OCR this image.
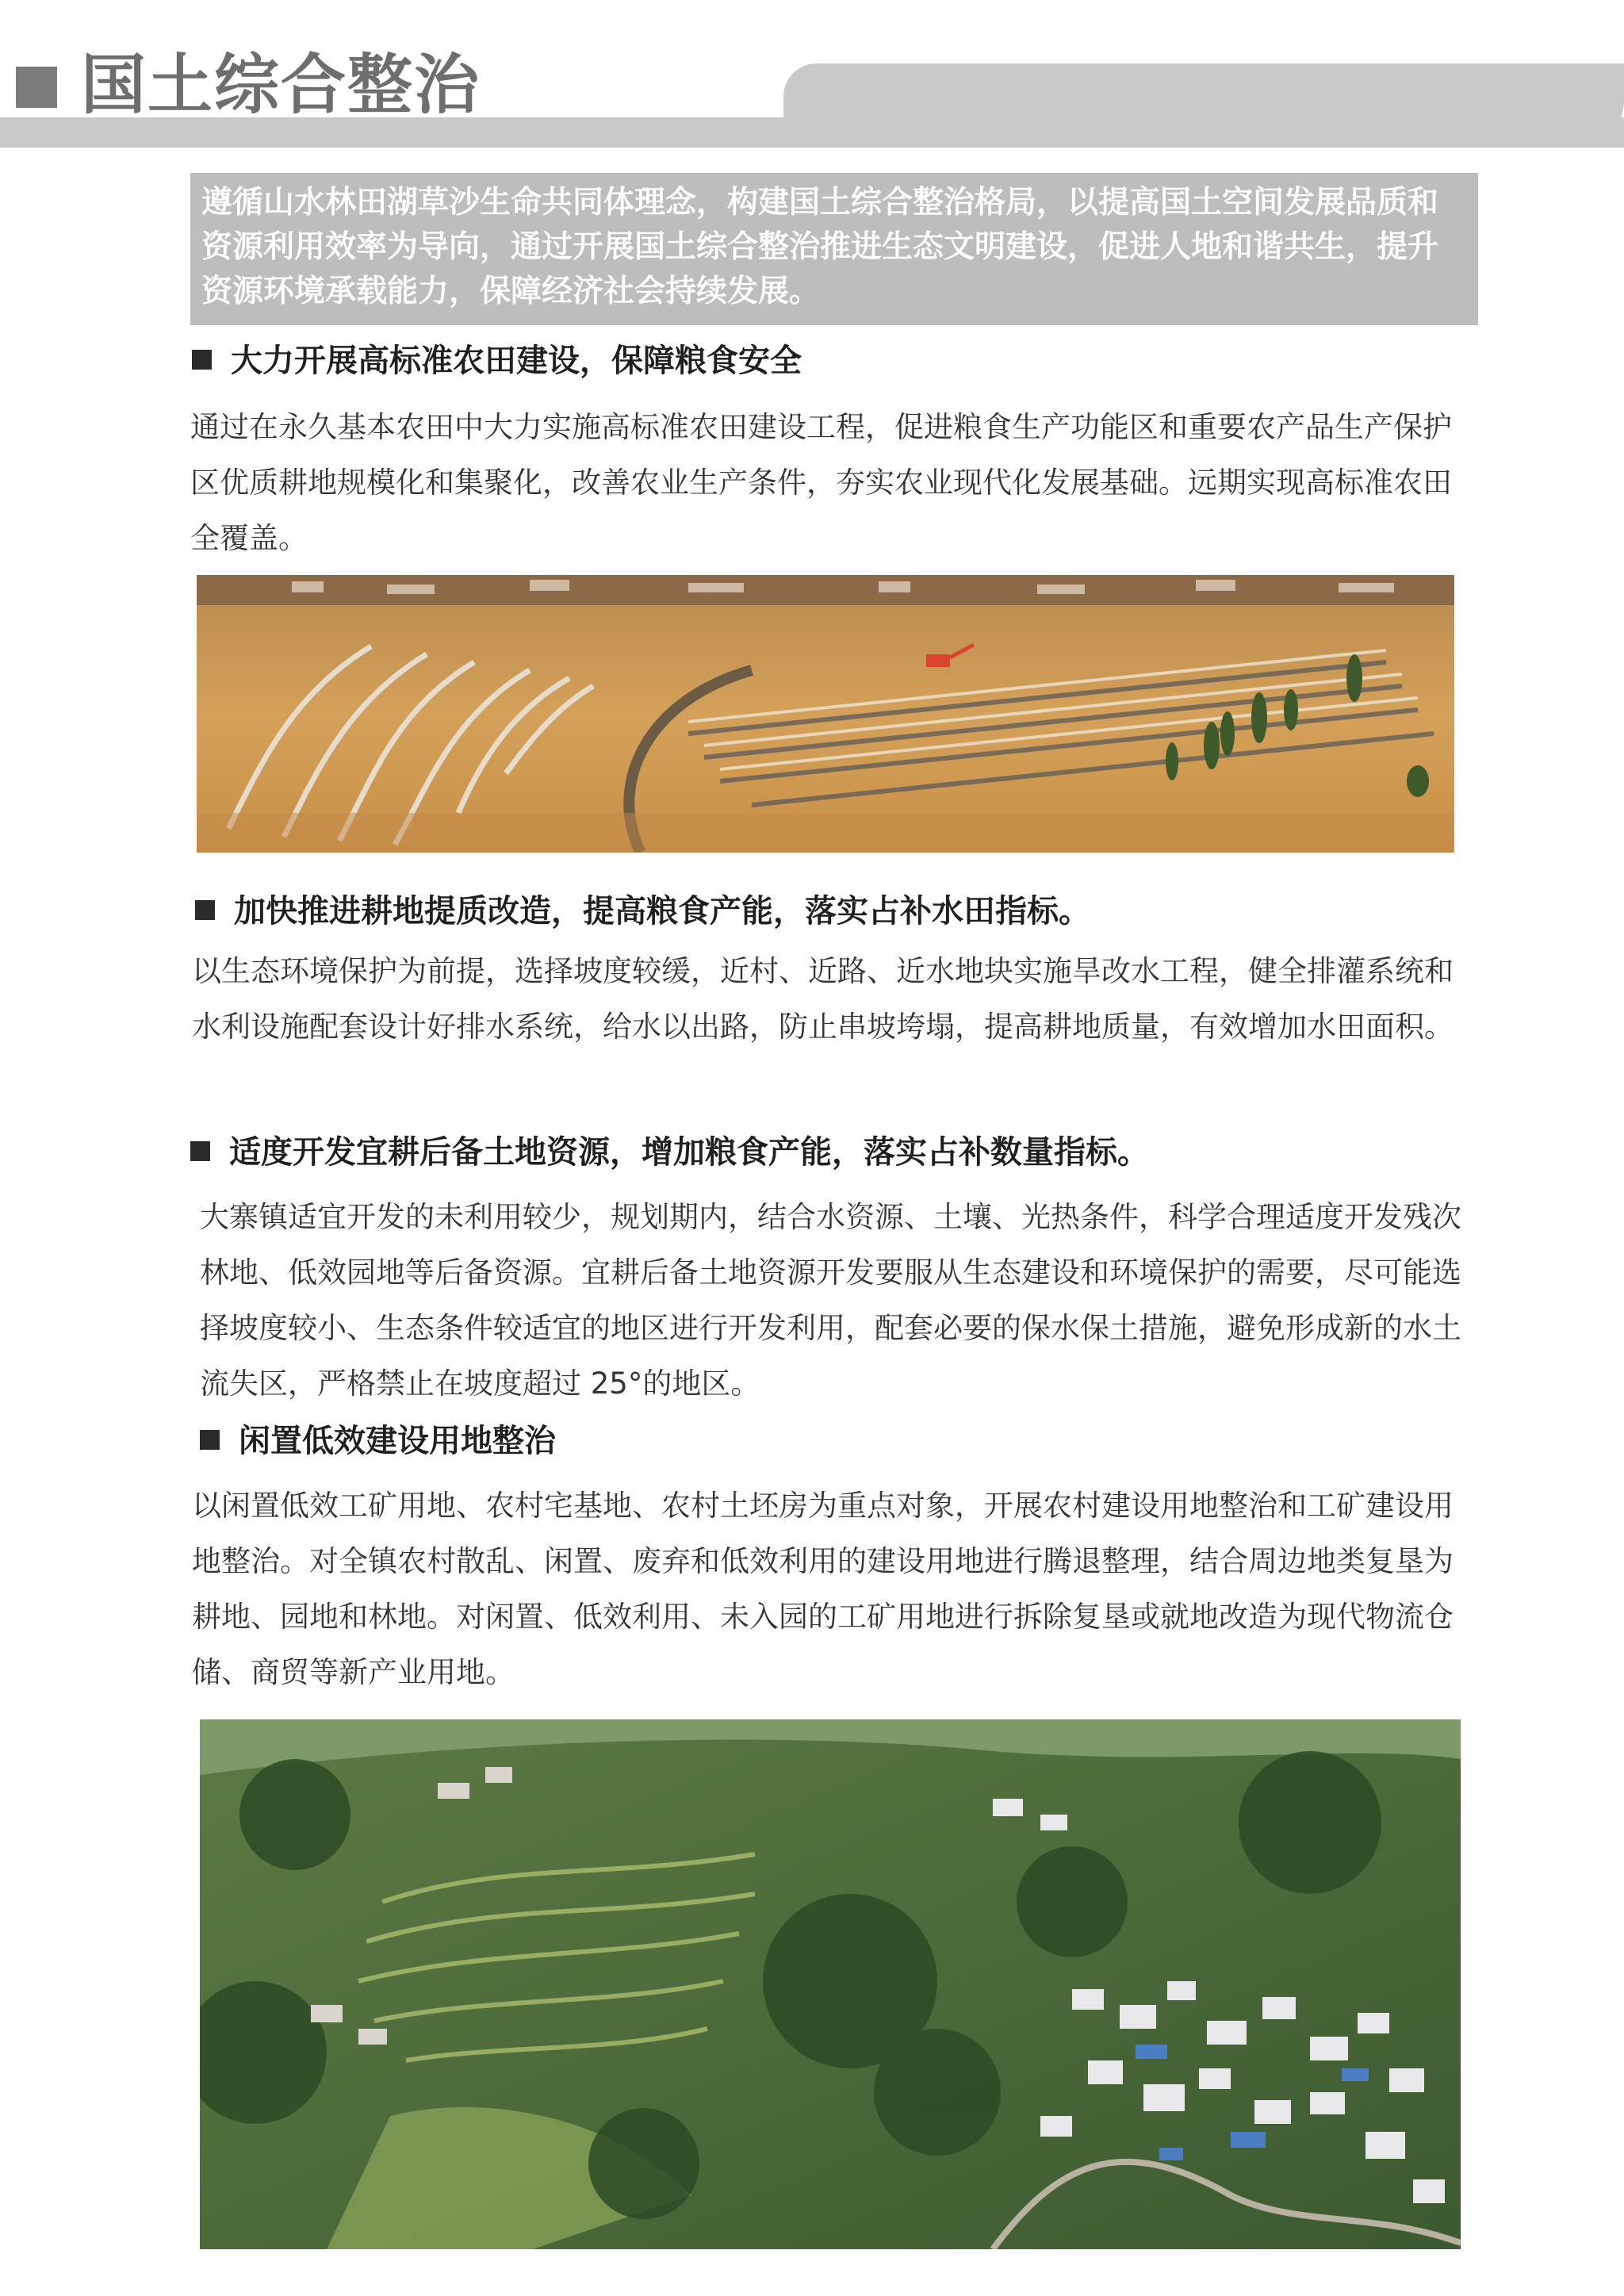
国土综合整治
遵循山水林田湖草沙生命共同体理念，构建国土综合整治格局，以提高国土空间发展品质和资源利用效率为导向，通过开展国土综合整治推进生态文明建设，促进人地和谐共生，提升资源环境承载能力，保障经济社会持续发展。
大力开展高标准农田建设，保障粮食安全
通过在永久基本农田中大力实施高标准农田建设工程，促进粮食生产功能区和重要农产品生产保护区优质耕地规模化和集聚化，改善农业生产条件，夯实农业现代化发展基础。远期实现高标准农田全覆盖。
加快推进耕地提质改造，提高粮食产能，落实占补水田指标。
以生态环境保护为前提，选择坡度较缓，近村、近路、近水地块实施旱改水工程，健全排灌系统和水利设施配套设计好排水系统，给水以出路，防止串坡垮塌，提高耕地质量，有效增加水田面积。
适度开发宜耕后备土地资源，增加粮食产能，落实占补数量指标。
大寨镇适宜开发的未利用较少，规划期内，结合水资源、土壤、光热条件，科学合理适度开发残次林地、低效园地等后备资源。宜耕后备土地资源开发要服从生态建设和环境保护的需要，尽可能选择坡度较小、生态条件较适宜的地区进行开发利用，配套必要的保水保土措施，避免形成新的水土流失区，严格禁止在坡度超过 25°的地区。
闲置低效建设用地整治
以闲置低效工矿用地、农村宅基地、农村土坯房为重点对象，开展农村建设用地整治和工矿建设用地整治。对全镇农村散乱、闲置、废弃和低效利用的建设用地进行腾退整理，结合周边地类复垦为耕地、园地和林地。对闲置、低效利用、未入园的工矿用地进行拆除复垦或就地改造为现代物流仓储、商贸等新产业用地。
